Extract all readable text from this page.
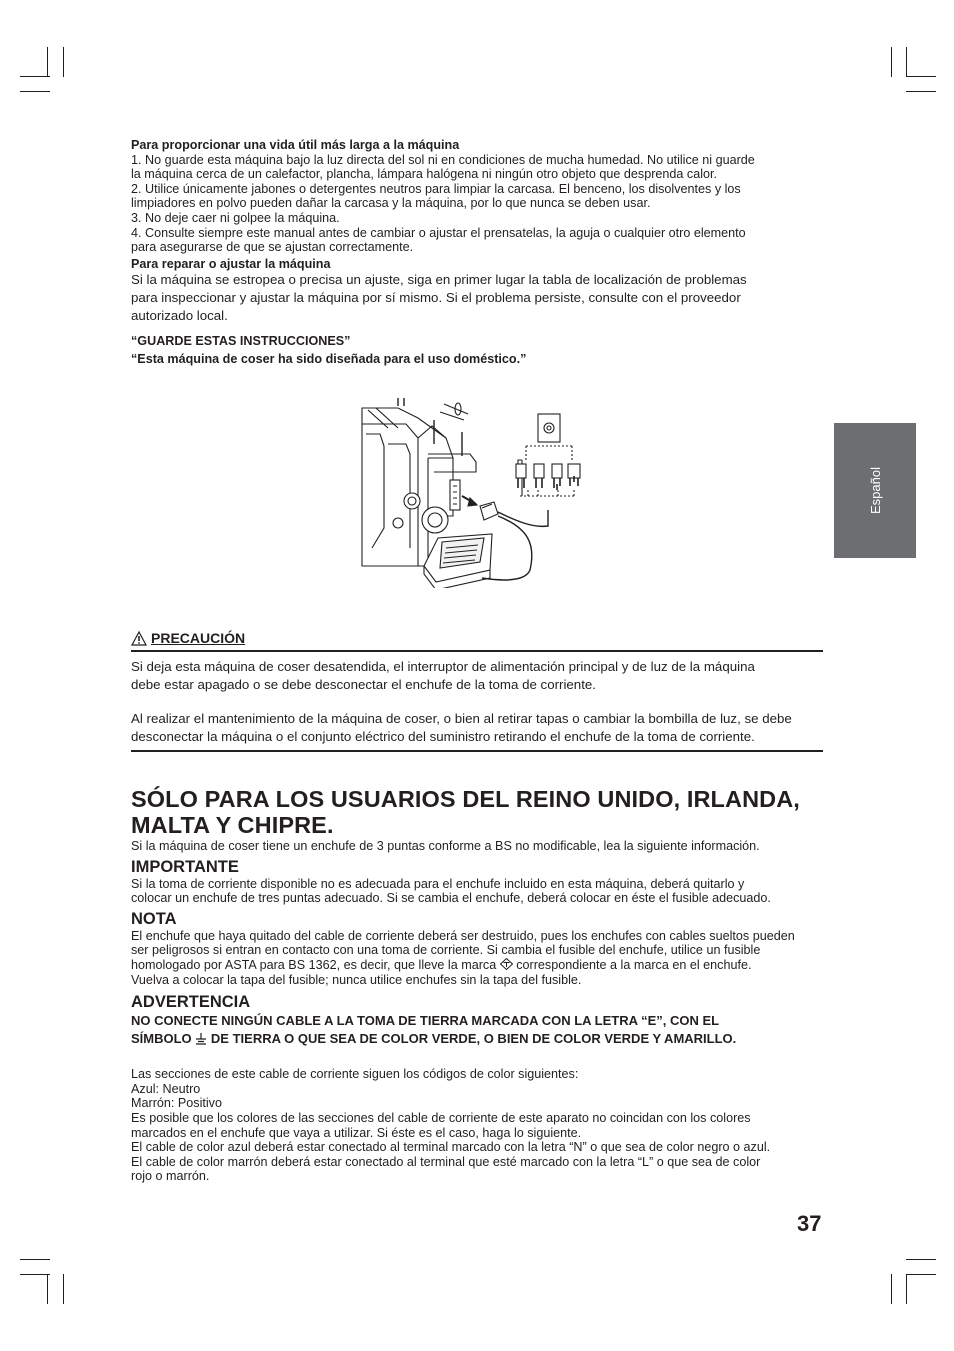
Para proporcionar una vida útil más larga a la máquina

1. No guarde esta máquina bajo la luz directa del sol ni en condiciones de mucha humedad. No utilice ni guarde
la máquina cerca de un calefactor, plancha, lámpara halógena ni ningún otro objeto que desprenda calor.

2. Utilice únicamente jabones o detergentes neutros para limpiar la carcasa. El benceno, los disolventes y los
limpiadores en polvo pueden dañar la carcasa y la máquina, por lo que nunca se deben usar.

3. No deje caer ni golpee la máquina.

4. Consulte siempre este manual antes de cambiar o ajustar el prensatelas, la aguja o cualquier otro elemento
para asegurarse de que se ajustan correctamente.

Para reparar o ajustar la máquina

Si la máquina se estropea o precisa un ajuste, siga en primer lugar la tabla de localización de problemas
para inspeccionar y ajustar la máquina por sí mismo. Si el problema persiste, consulte con el proveedor
autorizado local.

“GUARDE ESTAS INSTRUCCIONES”

“Esta máquina de coser ha sido diseñada para el uso doméstico.”

PRECAUCIÓN

Si deja esta máquina de coser desatendida, el interruptor de alimentación principal y de luz de la máquina
debe estar apagado o se debe desconectar el enchufe de la toma de corriente.

Al realizar el mantenimiento de la máquina de coser, o bien al retirar tapas o cambiar la bombilla de luz, se debe
desconectar la máquina o el conjunto eléctrico del suministro retirando el enchufe de la toma de corriente.

SÓLO PARA LOS USUARIOS DEL REINO UNIDO, IRLANDA,
MALTA Y CHIPRE.

Si la máquina de coser tiene un enchufe de 3 puntas conforme a BS no modificable, lea la siguiente información.

IMPORTANTE

Si la toma de corriente disponible no es adecuada para el enchufe incluido en esta máquina, deberá quitarlo y
colocar un enchufe de tres puntas adecuado. Si se cambia el enchufe, deberá colocar en éste el fusible adecuado.

NOTA

El enchufe que haya quitado del cable de corriente deberá ser destruido, pues los enchufes con cables sueltos pueden
ser peligrosos si entran en contacto con una toma de corriente. Si cambia el fusible del enchufe, utilice un fusible
homologado por ASTA para BS 1362, es decir, que lleve la marca correspondiente a la marca en el enchufe.
Vuelva a colocar la tapa del fusible; nunca utilice enchufes sin la tapa del fusible.

ADVERTENCIA

NO CONECTE NINGÚN CABLE A LA TOMA DE TIERRA MARCADA CON LA LETRA “E”, CON EL
SÍMBOLO DE TIERRA O QUE SEA DE COLOR VERDE, O BIEN DE COLOR VERDE Y AMARILLO.

Las secciones de este cable de corriente siguen los códigos de color siguientes:
Azul: Neutro
Marrón: Positivo
Es posible que los colores de las secciones del cable de corriente de este aparato no coincidan con los colores
marcados en el enchufe que vaya a utilizar. Si éste es el caso, haga lo siguiente.
El cable de color azul deberá estar conectado al terminal marcado con la letra “N” o que sea de color negro o azul.
El cable de color marrón deberá estar conectado al terminal que esté marcado con la letra “L” o que sea de color
rojo o marrón.

Español
37
